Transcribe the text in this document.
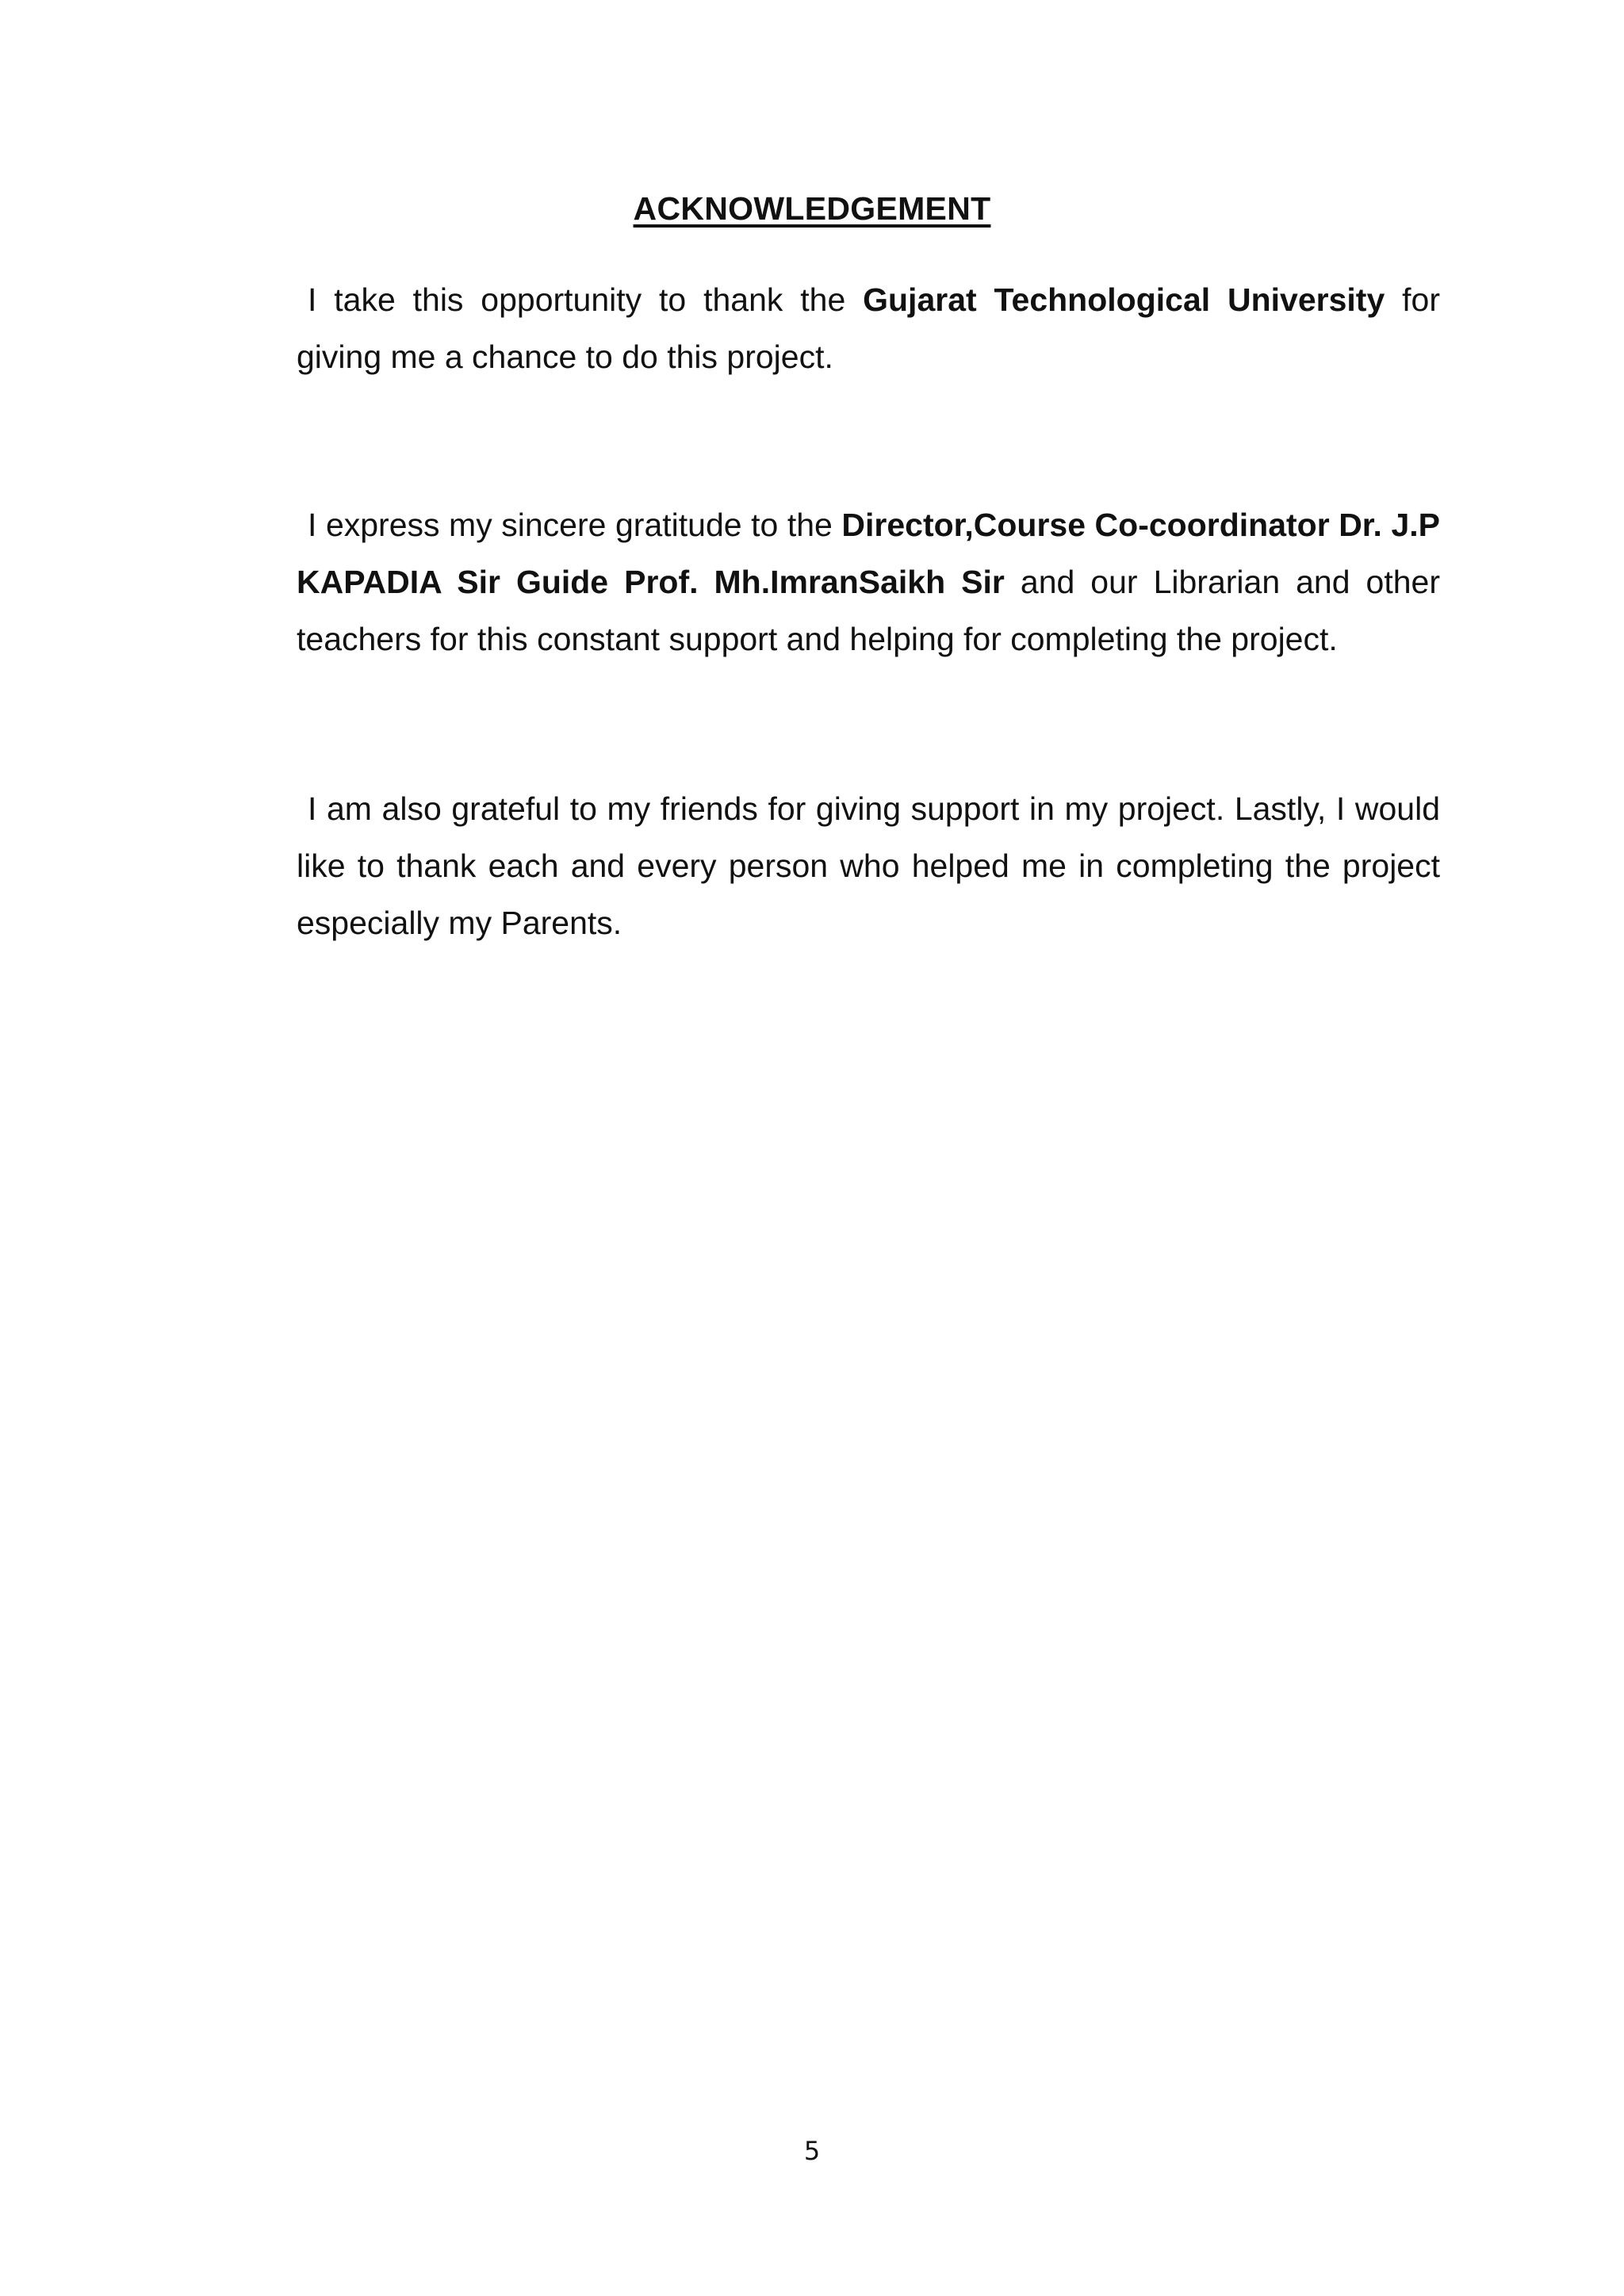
ACKNOWLEDGEMENT

I take this opportunity to thank the Gujarat Technological University for giving me a chance to do this project.

I express my sincere gratitude to the Director,Course Co-coordinator Dr. J.P KAPADIA Sir Guide Prof. Mh.ImranSaikh Sir and our Librarian and other teachers for this constant support and helping for completing the project.

I am also grateful to my friends for giving support in my project. Lastly, I would like to thank each and every person who helped me in completing the project especially my Parents.

5
